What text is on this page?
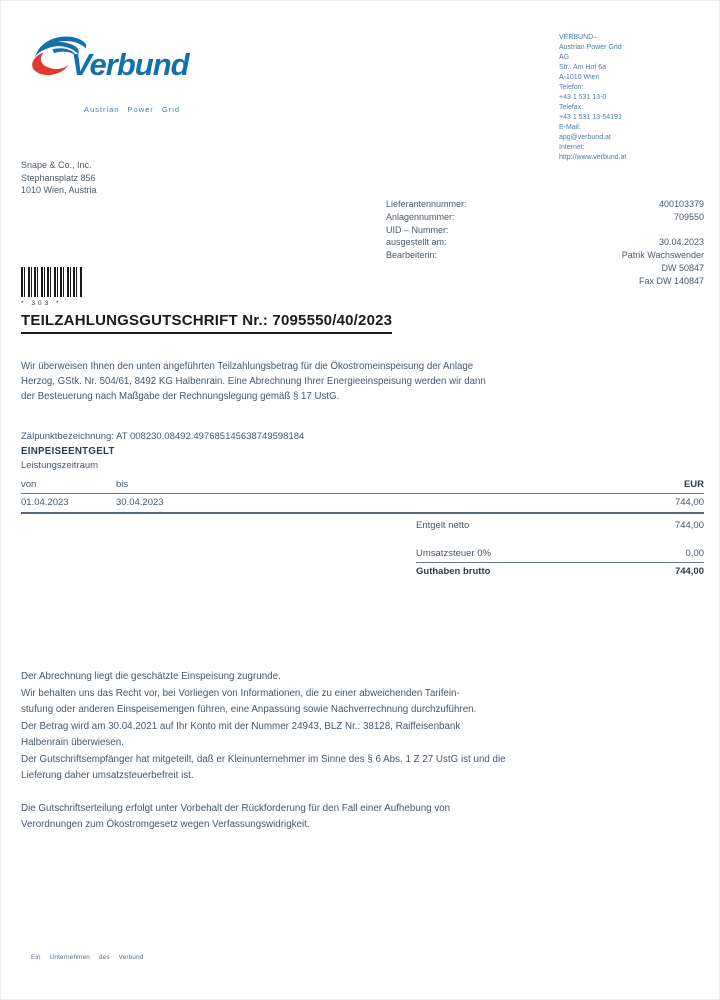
Verbund
Austrian Power Grid
VERBUND–
Austrian Power Grid
AG
Str.: Am Hof 6a
A-1010 Wien
Telefon:
+43 1 531 13-0
Telefax:
+43 1 531 13-54191
E-Mail:
apg@verbund.at
Internet:
http://www.verbund.at
Snape & Co., Inc.
Stephansplatz 856
1010 Wien, Austria
Lieferantennummer:	400103379
Anlagennummer:	709550
UID – Nummer:
ausgestellt am:	30.04.2023
Bearbeiterin:	Patrik Wachswender
DW 50847
Fax DW 140847
* 303 *
TEILZAHLUNGSGUTSCHRIFT Nr.: 7095550/40/2023
Wir überweisen Ihnen den unten angeführten Teilzahlungsbetrag für die Ökostromeinspeisung der Anlage
Herzog, GStk. Nr. 504/61, 8492 KG Halbenrain. Eine Abrechnung Ihrer Energieeinspeisung werden wir dann
der Besteuerung nach Maßgabe der Rechnungslegung gemäß § 17 UstG.
Zälpunktbezeichnung: AT 008230.08492.497685145638749598184
EINPEISEENTGELT
Leistungszeitraum
von	bis	EUR
01.04.2023	30.04.2023	744,00
Entgelt netto	744,00
Umsatzsteuer 0%	0,00
Guthaben brutto	744,00
Der Abrechnung liegt die geschätzte Einspeisung zugrunde.
Wir behalten uns das Recht vor, bei Vorliegen von Informationen, die zu einer abweichenden Tarifein-
stufung oder anderen Einspeisemengen führen, eine Anpassung sowie Nachverrechnung durchzuführen.
Der Betrag wird am 30.04.2021 auf Ihr Konto mit der Nummer 24943, BLZ Nr.: 38128, Raiffeisenbank
Halbenrain überwiesen.
Der Gutschriftsempfänger hat mitgeteilt, daß er Kleinunternehmer im Sinne des § 6 Abs. 1 Z 27 UstG ist und die
Lieferung daher umsatzsteuerbefreit ist.
Die Gutschriftserteilung erfolgt unter Vorbehalt der Rückforderung für den Fall einer Aufhebung von
Verordnungen zum Ökostromgesetz wegen Verfassungswidrigkeit.
Ein Unternehmen des Verbund
